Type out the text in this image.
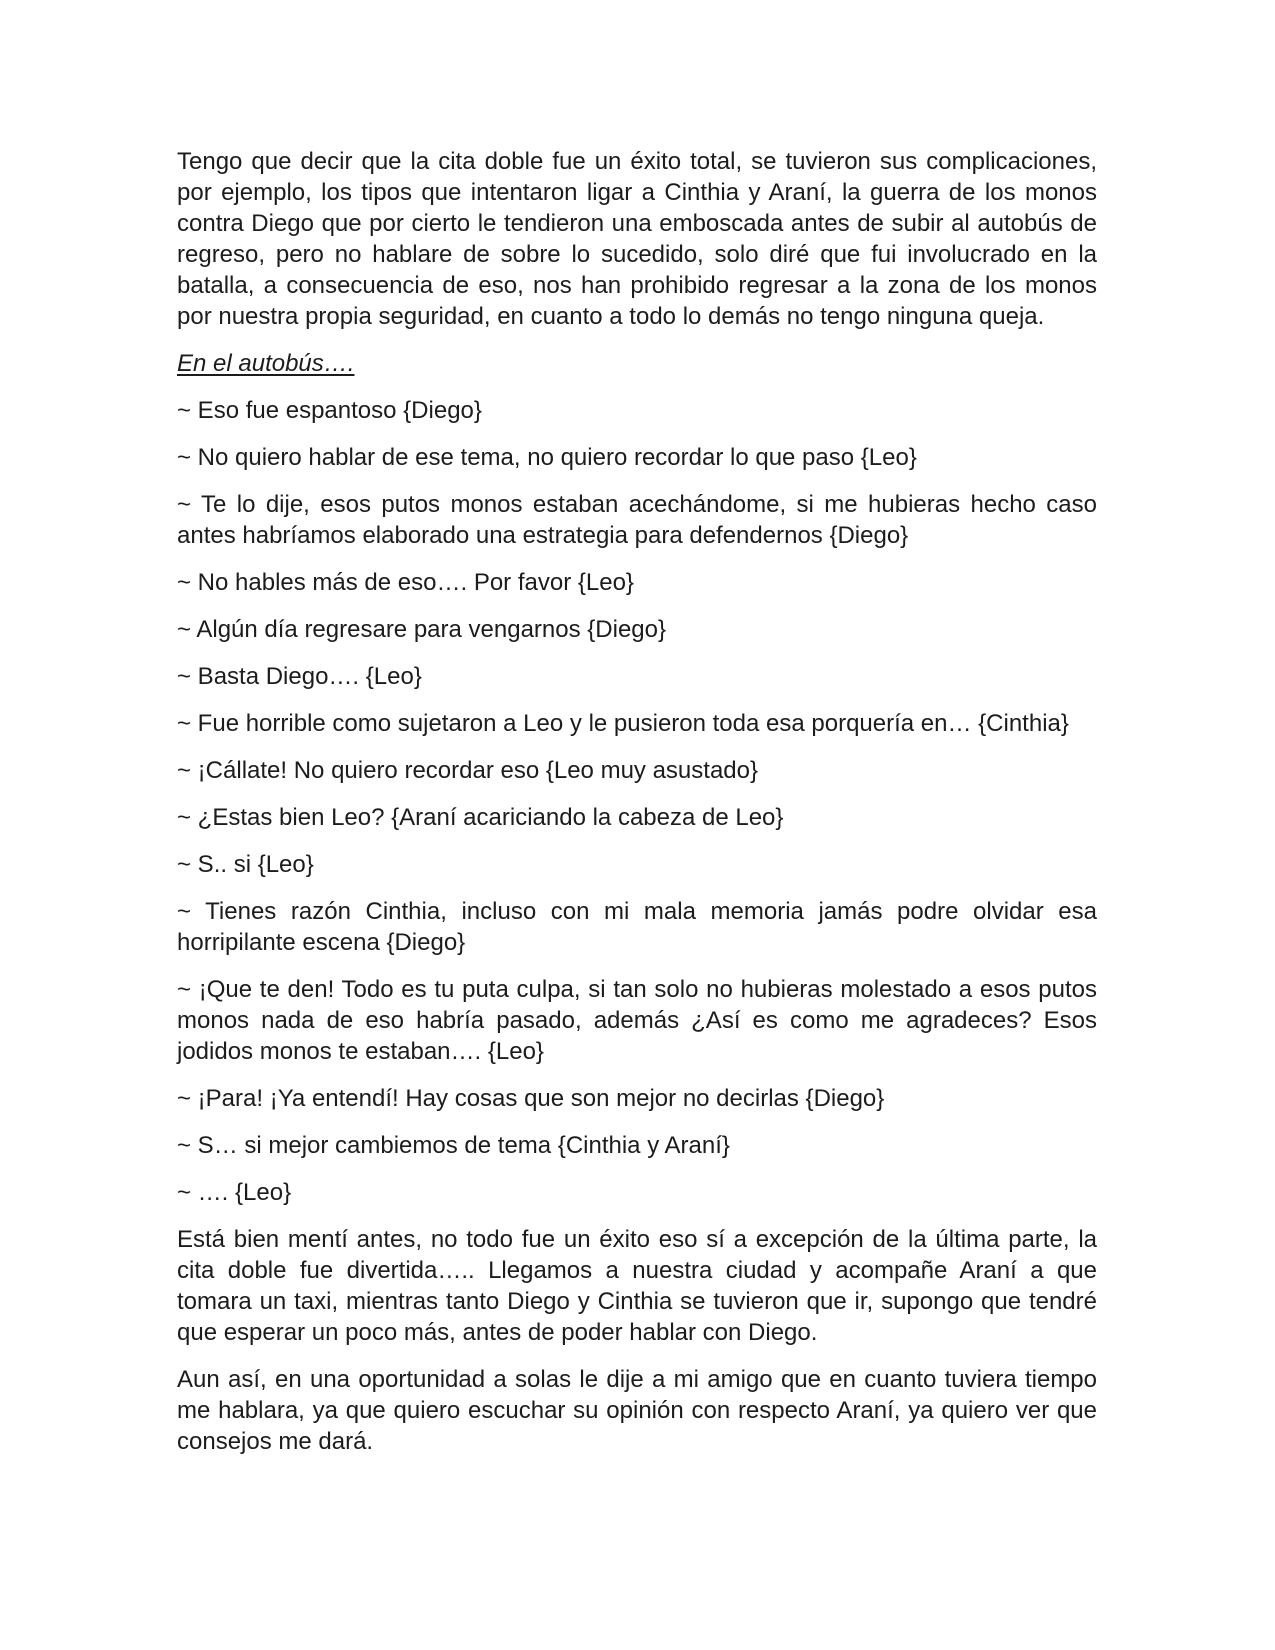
Tengo que decir que la cita doble fue un éxito total, se tuvieron sus complicaciones, por ejemplo, los tipos que intentaron ligar a Cinthia y Araní, la guerra de los monos contra Diego que por cierto le tendieron una emboscada antes de subir al autobús de regreso, pero no hablare de sobre lo sucedido, solo diré que fui involucrado en la batalla, a consecuencia de eso, nos han prohibido regresar a la zona de los monos por nuestra propia seguridad, en cuanto a todo lo demás no tengo ninguna queja.

En el autobús….

~ Eso fue espantoso {Diego}

~ No quiero hablar de ese tema, no quiero recordar lo que paso {Leo}

~ Te lo dije, esos putos monos estaban acechándome, si me hubieras hecho caso antes habríamos elaborado una estrategia para defendernos {Diego}

~ No hables más de eso…. Por favor {Leo}

~ Algún día regresare para vengarnos {Diego}

~ Basta Diego…. {Leo}

~ Fue horrible como sujetaron a Leo y le pusieron toda esa porquería en… {Cinthia}

~ ¡Cállate! No quiero recordar eso {Leo muy asustado}

~ ¿Estas bien Leo? {Araní acariciando la cabeza de Leo}

~ S.. si {Leo}

~ Tienes razón Cinthia, incluso con mi mala memoria jamás podre olvidar esa horripilante escena {Diego}

~ ¡Que te den! Todo es tu puta culpa, si tan solo no hubieras molestado a esos putos monos nada de eso habría pasado, además ¿Así es como me agradeces? Esos jodidos monos te estaban…. {Leo}

~ ¡Para! ¡Ya entendí! Hay cosas que son mejor no decirlas {Diego}

~ S… si mejor cambiemos de tema {Cinthia y Araní}

~ …. {Leo}

Está bien mentí antes, no todo fue un éxito eso sí a excepción de la última parte, la cita doble fue divertida….. Llegamos a nuestra ciudad y acompañe Araní a que tomara un taxi, mientras tanto Diego y Cinthia se tuvieron que ir, supongo que tendré que esperar un poco más, antes de poder hablar con Diego.

Aun así, en una oportunidad a solas le dije a mi amigo que en cuanto tuviera tiempo me hablara, ya que quiero escuchar su opinión con respecto Araní, ya quiero ver que consejos me dará.
